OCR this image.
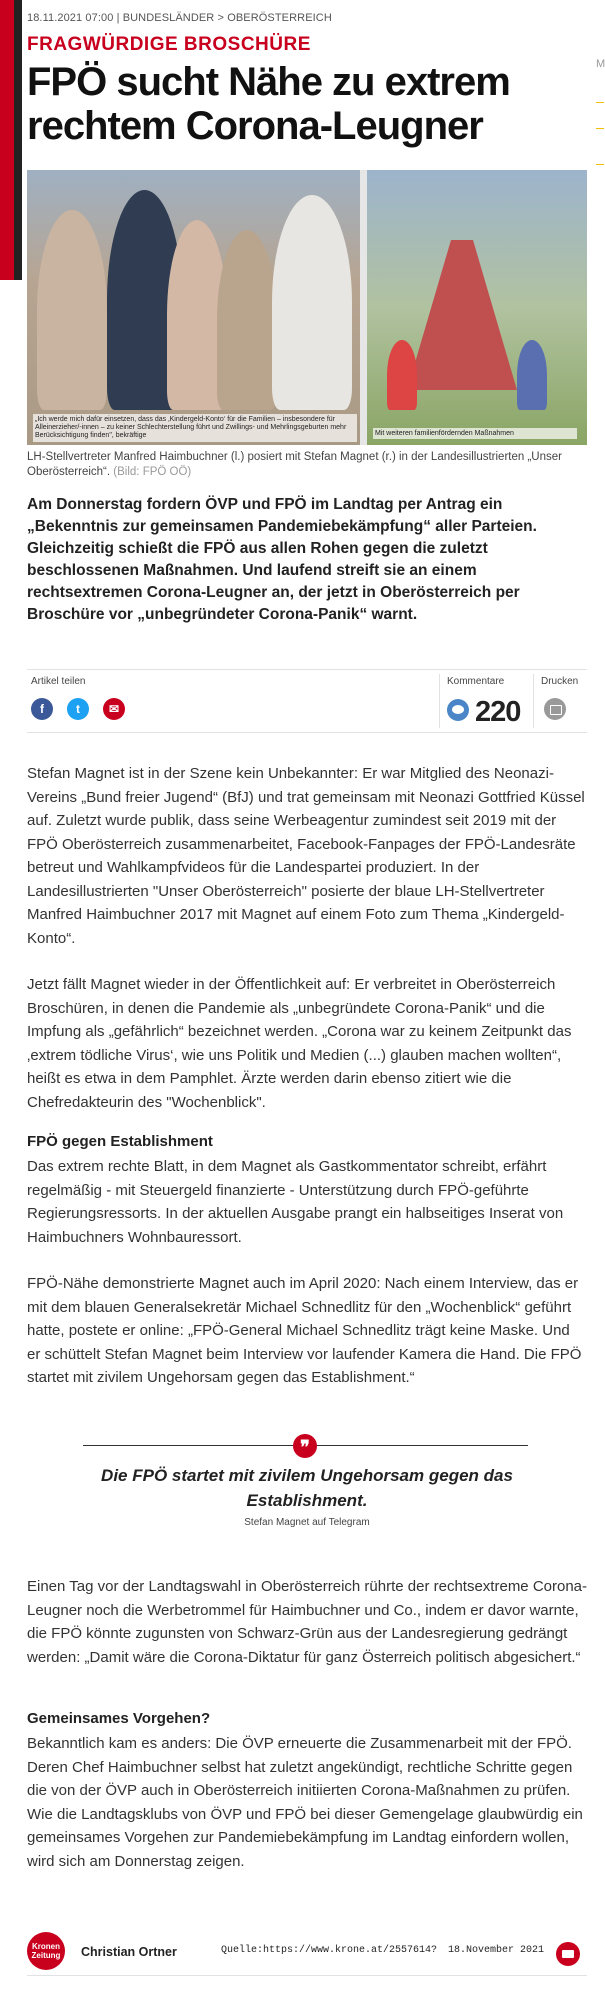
M
18.11.2021 07:00 | BUNDESLÄNDER > OBERÖSTERREICH
FRAGWÜRDIGE BROSCHÜRE
FPÖ sucht Nähe zu extrem rechtem Corona-Leugner
„Ich werde mich dafür einsetzen, dass das ‚Kindergeld-Konto‘ für die Familien – insbesondere für Alleinerzieher/-innen – zu keiner Schlechterstellung führt und Zwillings- und Mehrlingsgeburten mehr Berücksichtigung finden", bekräftige	Mit weiteren familienfördernden Maßnahmen
LH-Stellvertreter Manfred Haimbuchner (l.) posiert mit Stefan Magnet (r.) in der Landesillustrierten „Unser Oberösterreich“. (Bild: FPÖ OÖ)
Am Donnerstag fordern ÖVP und FPÖ im Landtag per Antrag ein „Bekenntnis zur gemeinsamen Pandemiebekämpfung“ aller Parteien. Gleichzeitig schießt die FPÖ aus allen Rohen gegen die zuletzt beschlossenen Maßnahmen. Und laufend streift sie an einem rechtsextremen Corona-Leugner an, der jetzt in Oberösterreich per Broschüre vor „unbegründeter Corona-Panik“ warnt.
Artikel teilen
f	t	✉
Kommentare
220
Drucken

Stefan Magnet ist in der Szene kein Unbekannter: Er war Mitglied des Neonazi-Vereins „Bund freier Jugend“ (BfJ) und trat gemeinsam mit Neonazi Gottfried Küssel auf. Zuletzt wurde publik, dass seine Werbeagentur zumindest seit 2019 mit der FPÖ Oberösterreich zusammenarbeitet, Facebook-Fanpages der FPÖ-Landesräte betreut und Wahlkampfvideos für die Landespartei produziert. In der Landesillustrierten "Unser Oberösterreich" posierte der blaue LH-Stellvertreter Manfred Haimbuchner 2017 mit Magnet auf einem Foto zum Thema „Kindergeld-Konto“.

Jetzt fällt Magnet wieder in der Öffentlichkeit auf: Er verbreitet in Oberösterreich Broschüren, in denen die Pandemie als „unbegründete Corona-Panik“ und die Impfung als „gefährlich“ bezeichnet werden. „Corona war zu keinem Zeitpunkt das ‚extrem tödliche Virus‘, wie uns Politik und Medien (...) glauben machen wollten“, heißt es etwa in dem Pamphlet. Ärzte werden darin ebenso zitiert wie die Chefredakteurin des "Wochenblick".

FPÖ gegen Establishment

Das extrem rechte Blatt, in dem Magnet als Gastkommentator schreibt, erfährt regelmäßig - mit Steuergeld finanzierte - Unterstützung durch FPÖ-geführte Regierungsressorts. In der aktuellen Ausgabe prangt ein halbseitiges Inserat von Haimbuchners Wohnbauressort.

FPÖ-Nähe demonstrierte Magnet auch im April 2020: Nach einem Interview, das er mit dem blauen Generalsekretär Michael Schnedlitz für den „Wochenblick“ geführt hatte, postete er online: „FPÖ-General Michael Schnedlitz trägt keine Maske. Und er schüttelt Stefan Magnet beim Interview vor laufender Kamera die Hand. Die FPÖ startet mit zivilem Ungehorsam gegen das Establishment.“

❞
Die FPÖ startet mit zivilem Ungehorsam gegen das Establishment.
Stefan Magnet auf Telegram

Einen Tag vor der Landtagswahl in Oberösterreich rührte der rechtsextreme Corona-Leugner noch die Werbetrommel für Haimbuchner und Co., indem er davor warnte, die FPÖ könnte zugunsten von Schwarz-Grün aus der Landesregierung gedrängt werden: „Damit wäre die Corona-Diktatur für ganz Österreich politisch abgesichert.“

Gemeinsames Vorgehen?

Bekanntlich kam es anders: Die ÖVP erneuerte die Zusammenarbeit mit der FPÖ. Deren Chef Haimbuchner selbst hat zuletzt angekündigt, rechtliche Schritte gegen die von der ÖVP auch in Oberösterreich initiierten Corona-Maßnahmen zu prüfen. Wie die Landtagsklubs von ÖVP und FPÖ bei dieser Gemengelage glaubwürdig ein gemeinsames Vorgehen zur Pandemiebekämpfung im Landtag einfordern wollen, wird sich am Donnerstag zeigen.

Kronen
Zeitung	Christian Ortner	Quelle:https://www.krone.at/2557614? 18.November 2021
